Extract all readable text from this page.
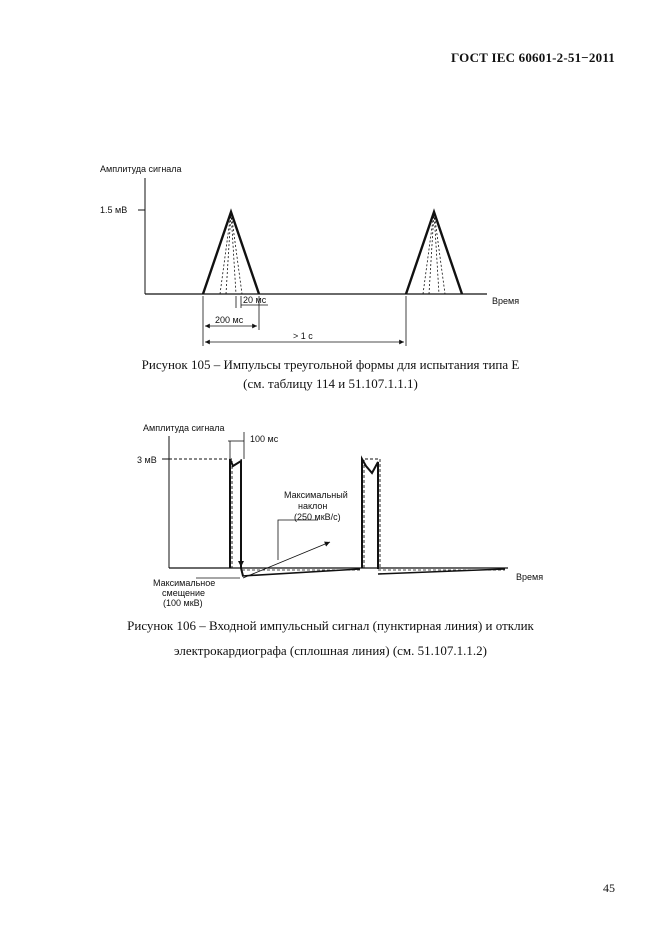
ГОСТ IEC 60601-2-51−2011
Амплитуда сигнала
1.5 мВ
Время
20 мс
200 мс
> 1 с
Рисунок 105 – Импульсы треугольной формы для испытания типа Е
(см. таблицу 114 и 51.107.1.1.1)
Амплитуда сигнала
3 мВ
Время
100 мс
Максимальный
наклон
(250 мкВ/с)
Максимальное
смещение
(100 мкВ)
Рисунок 106 – Входной импульсный сигнал (пунктирная линия) и отклик
электрокардиографа (сплошная линия) (см. 51.107.1.1.2)
45
